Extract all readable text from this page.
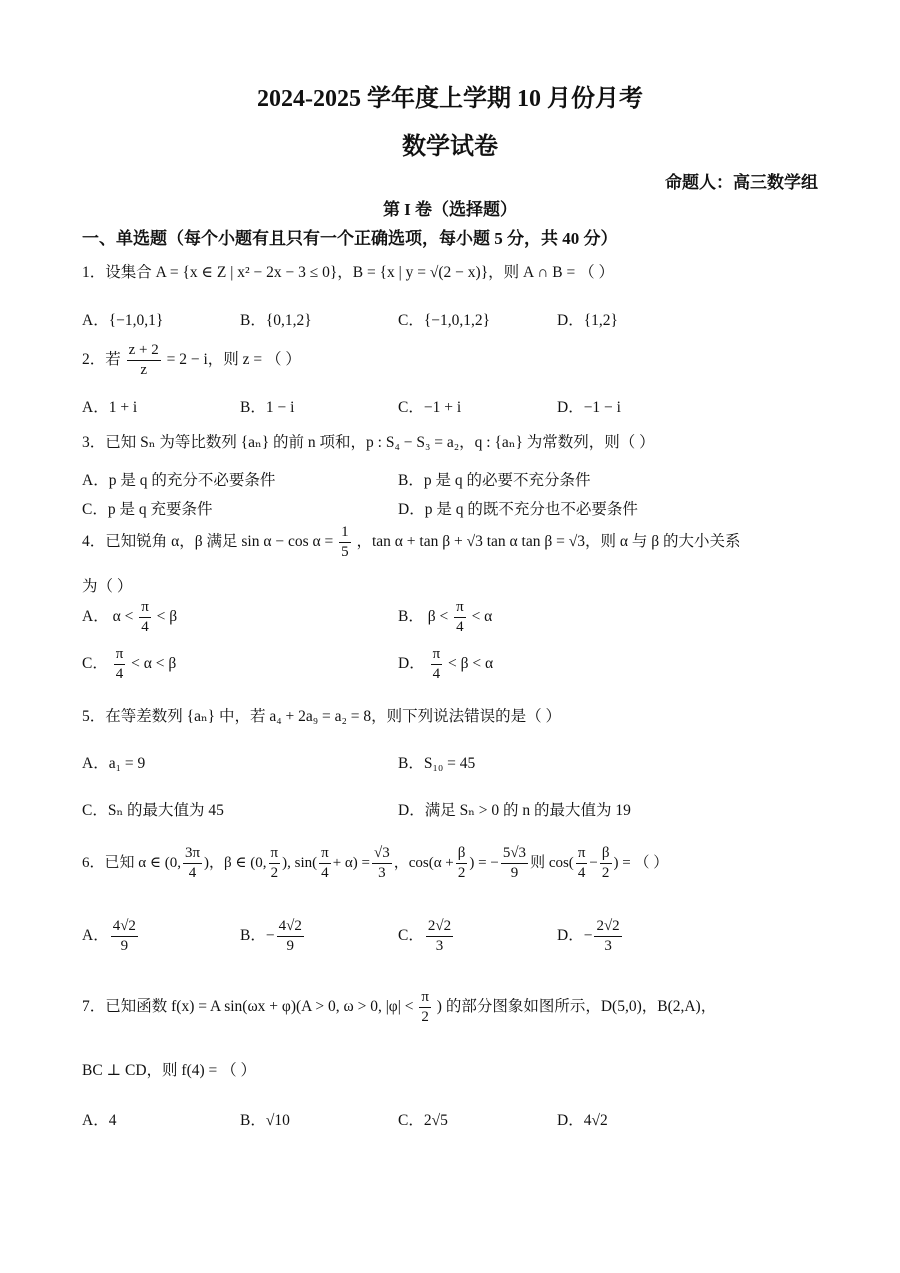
2024-2025 学年度上学期 10 月份月考
数学试卷
命题人：高三数学组
第 I 卷（选择题）
一、单选题（每个小题有且只有一个正确选项，每小题 5 分，共 40 分）
1．设集合 A = {x ∈ Z | x² − 2x − 3 ≤ 0}，B = {x | y = √(2 − x)}，则 A ∩ B = （ ）
A．{−1,0,1}	B．{0,1,2}	C．{−1,0,1,2}	D．{1,2}
2．若 $\frac{z + 2}{z} = 2 - i$，则 z = （ ）
A．1 + i	B．1 − i	C．−1 + i	D．−1 − i
3．已知 Sₙ 为等比数列 {aₙ} 的前 n 项和，p : S₄ − S₃ = a₂，q : {aₙ} 为常数列，则（ ）
A．p 是 q 的充分不必要条件	B．p 是 q 的必要不充分条件
C．p 是 q 充要条件	D．p 是 q 的既不充分也不必要条件
4．已知锐角 α，β 满足 $\sin \alpha - \cos \alpha = \frac{1}{5}$ ，tan α + tan β + √3 tan α tan β = √3，则 α 与 β 的大小关系
为（ ）
A． $\alpha < \frac{\pi}{4} < \beta$	B． $\beta < \frac{\pi}{4} < \alpha$
C． $\frac{\pi}{4} < \alpha < \beta$	D． $\frac{\pi}{4} < \beta < \alpha$
5．在等差数列 {aₙ} 中，若 a₄ + 2a₉ = a₂ = 8，则下列说法错误的是（ ）
A．a₁ = 9	B．S₁₀ = 45
C．Sₙ 的最大值为 45	D．满足 Sₙ > 0 的 n 的最大值为 19
6．已知 α ∈ (0, $\frac{3\pi}{4}$ )，β ∈ (0, $\frac{\pi}{2}$ ), $\sin( \frac{\pi}{4} + \alpha) = \frac{√3}{3}$ ，$\cos(\alpha + \frac{\beta}{2}$ ) = − $\frac{5√3}{9}$ 则 $\cos( \frac{\pi}{4} - \frac{\beta}{2}$ ) = （ ）
A． $\frac{4√2}{9}$	B．− $\frac{4√2}{9}$	C． $\frac{2√2}{3}$	D．− $\frac{2√2}{3}$
7．已知函数 f(x) = A sin(ωx + φ)(A > 0, ω > 0, $|\varphi| < \frac{\pi}{2}$ ) 的部分图象如图所示，D(5,0)，B(2,A)，
BC ⊥ CD，则 f(4) = （ ）
A．4	B．√10	C．2√5	D．4√2
